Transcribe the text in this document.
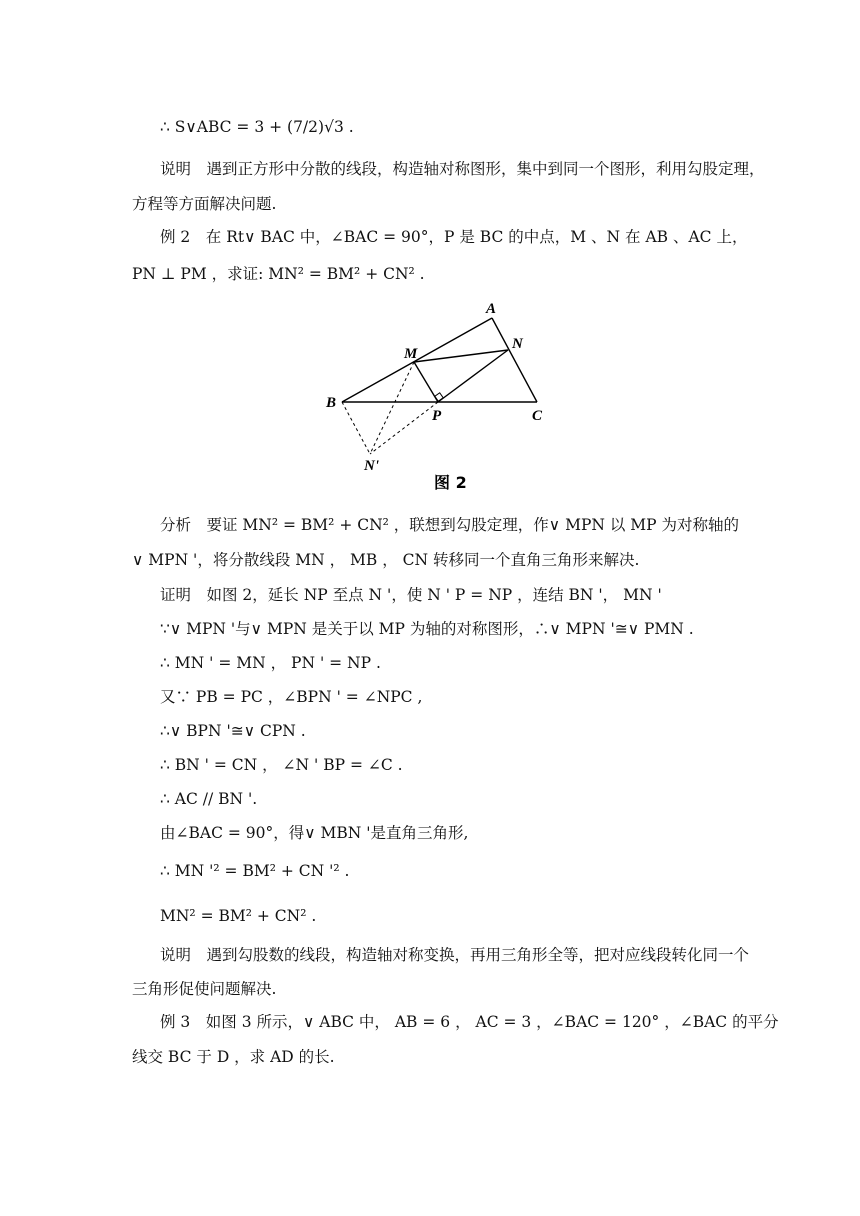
∴ S∨ABC = 3 + (7/2)√3 .
说明　遇到正方形中分散的线段，构造轴对称图形，集中到同一个图形，利用勾股定理，
方程等方面解决问题.
例 2　在 Rt∨ BAC 中，∠BAC = 90°，P 是 BC 的中点，M 、N 在 AB 、AC 上，
PN ⊥ PM ，求证: MN² = BM² + CN² .
A
N
M
B
P	C
N'
图 2
分析　要证 MN² = BM² + CN² ，联想到勾股定理，作∨ MPN 以 MP 为对称轴的
∨ MPN '，将分散线段 MN ， MB ， CN 转移同一个直角三角形来解决.
证明　如图 2，延长 NP 至点 N '，使 N ' P = NP ，连结 BN '， MN '
∵∨ MPN '与∨ MPN 是关于以 MP 为轴的对称图形，∴∨ MPN '≅∨ PMN .
∴ MN ' = MN ， PN ' = NP .
又∵ PB = PC ，∠BPN ' = ∠NPC ,
∴∨ BPN '≅∨ CPN .
∴ BN ' = CN ， ∠N ' BP = ∠C .
∴ AC // BN '.
由∠BAC = 90°，得∨ MBN '是直角三角形,
∴ MN '² = BM² + CN '² .
MN² = BM² + CN² .
说明　遇到勾股数的线段，构造轴对称变换，再用三角形全等，把对应线段转化同一个
三角形促使问题解决.
例 3　如图 3 所示，∨ ABC 中， AB = 6 ， AC = 3 ，∠BAC = 120° ，∠BAC 的平分
线交 BC 于 D ，求 AD 的长.
